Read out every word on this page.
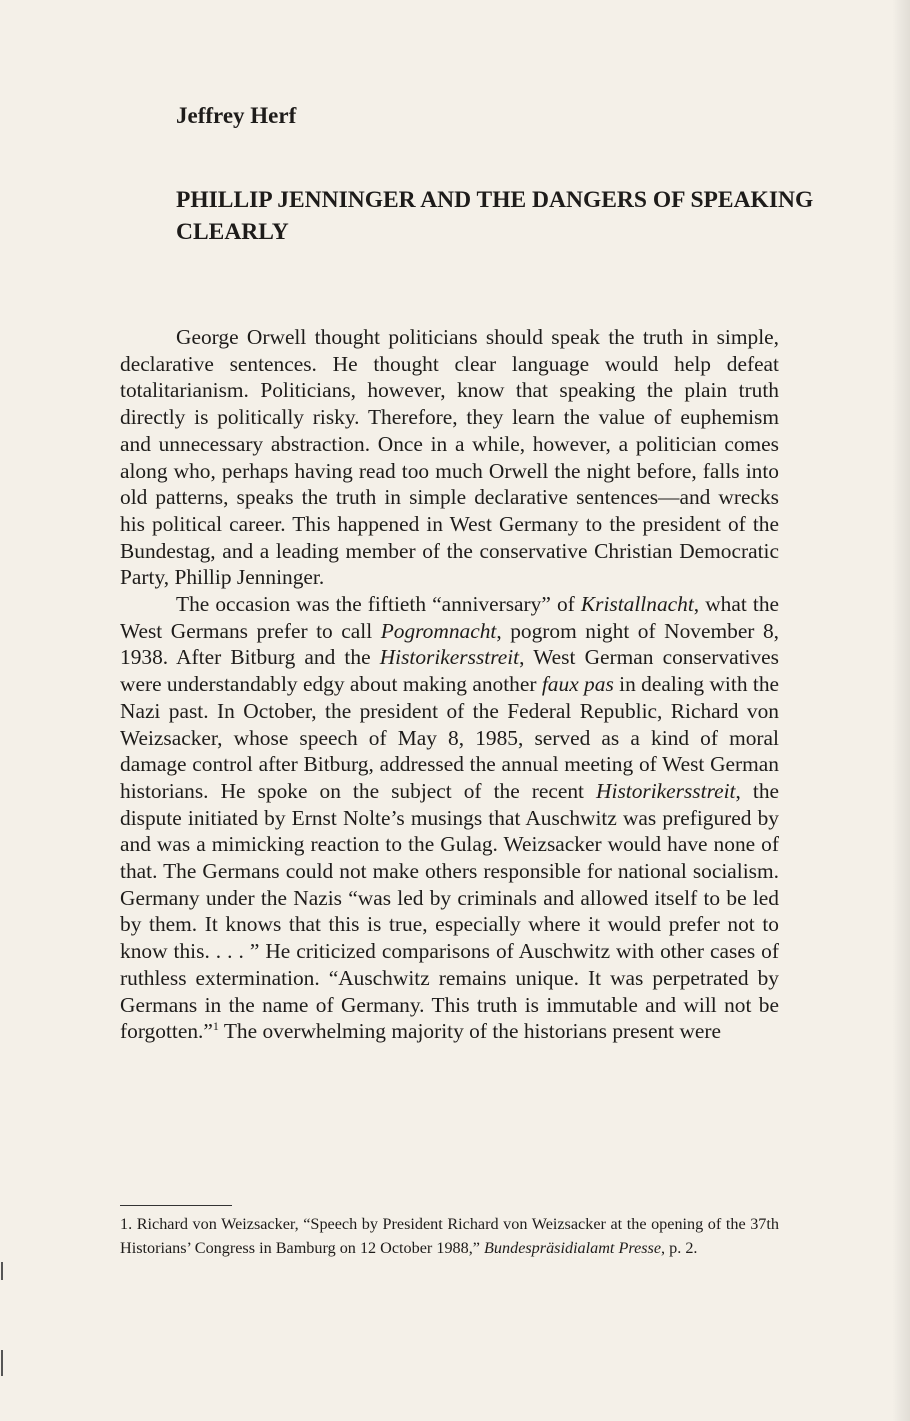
Jeffrey Herf
PHILLIP JENNINGER AND THE DANGERS OF SPEAKING CLEARLY

George Orwell thought politicians should speak the truth in simple, declarative sentences. He thought clear language would help defeat totalitarianism. Politicians, however, know that speaking the plain truth directly is politically risky. Therefore, they learn the value of euphemism and unnecessary abstraction. Once in a while, however, a politician comes along who, perhaps having read too much Orwell the night before, falls into old patterns, speaks the truth in simple declarative sentences—and wrecks his political career. This happened in West Germany to the president of the Bundestag, and a leading member of the conservative Christian Democratic Party, Phillip Jenninger.

The occasion was the fiftieth “anniversary” of Kristallnacht, what the West Germans prefer to call Pogromnacht, pogrom night of November 8, 1938. After Bitburg and the Historikersstreit, West German conservatives were understandably edgy about making another faux pas in dealing with the Nazi past. In October, the president of the Federal Republic, Richard von Weizsacker, whose speech of May 8, 1985, served as a kind of moral damage control after Bitburg, addressed the annual meeting of West German historians. He spoke on the subject of the recent Historikersstreit, the dispute initiated by Ernst Nolte’s musings that Auschwitz was prefigured by and was a mimicking reaction to the Gulag. Weizsacker would have none of that. The Germans could not make others responsible for national socialism. Germany under the Nazis “was led by criminals and allowed itself to be led by them. It knows that this is true, especially where it would prefer not to know this. . . . ” He criticized comparisons of Auschwitz with other cases of ruthless extermination. “Auschwitz remains unique. It was perpetrated by Germans in the name of Germany. This truth is immutable and will not be forgotten.”$^1$ The overwhelming majority of the historians present were

1. Richard von Weizsacker, “Speech by President Richard von Weizsacker at the opening of the 37th Historians’ Congress in Bamburg on 12 October 1988,” Bundespräsidialamt Presse, p. 2.
